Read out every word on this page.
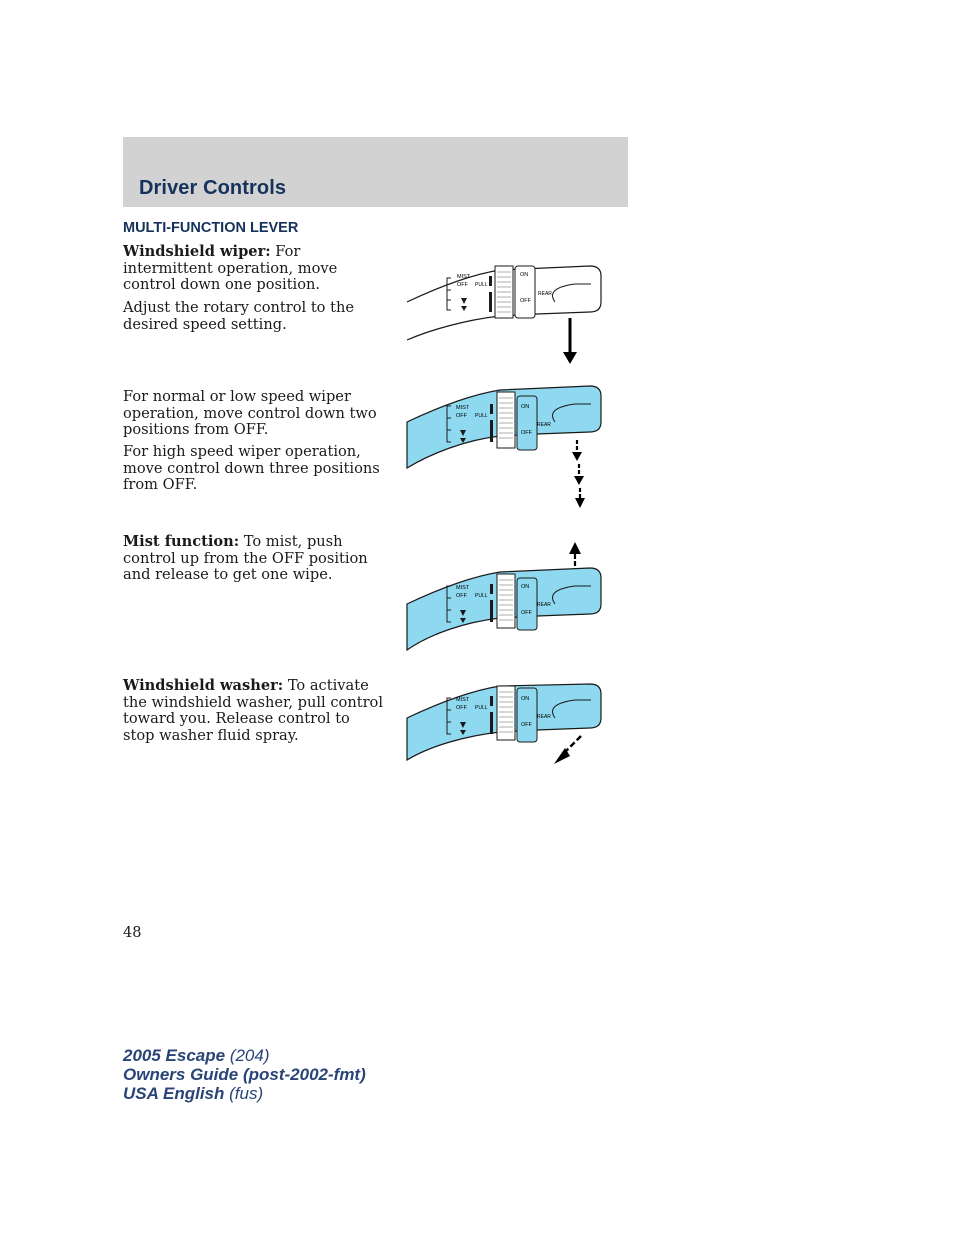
Driver Controls
MULTI-FUNCTION LEVER
Windshield wiper: For intermittent operation, move control down one position.
Adjust the rotary control to the desired speed setting.
For normal or low speed wiper operation, move control down two positions from OFF.
For high speed wiper operation, move control down three positions from OFF.
Mist function: To mist, push control up from the OFF position and release to get one wipe.
Windshield washer: To activate the windshield washer, pull control toward you. Release control to stop washer fluid spray.
MIST
OFF PULL
ON
OFF
REAR
MIST
OFF PULL
ON
OFF
REAR
MIST
OFF PULL
ON
OFF
REAR
MIST
OFF PULL
ON
OFF
REAR
48
2005 Escape (204)
Owners Guide (post-2002-fmt)
USA English (fus)
